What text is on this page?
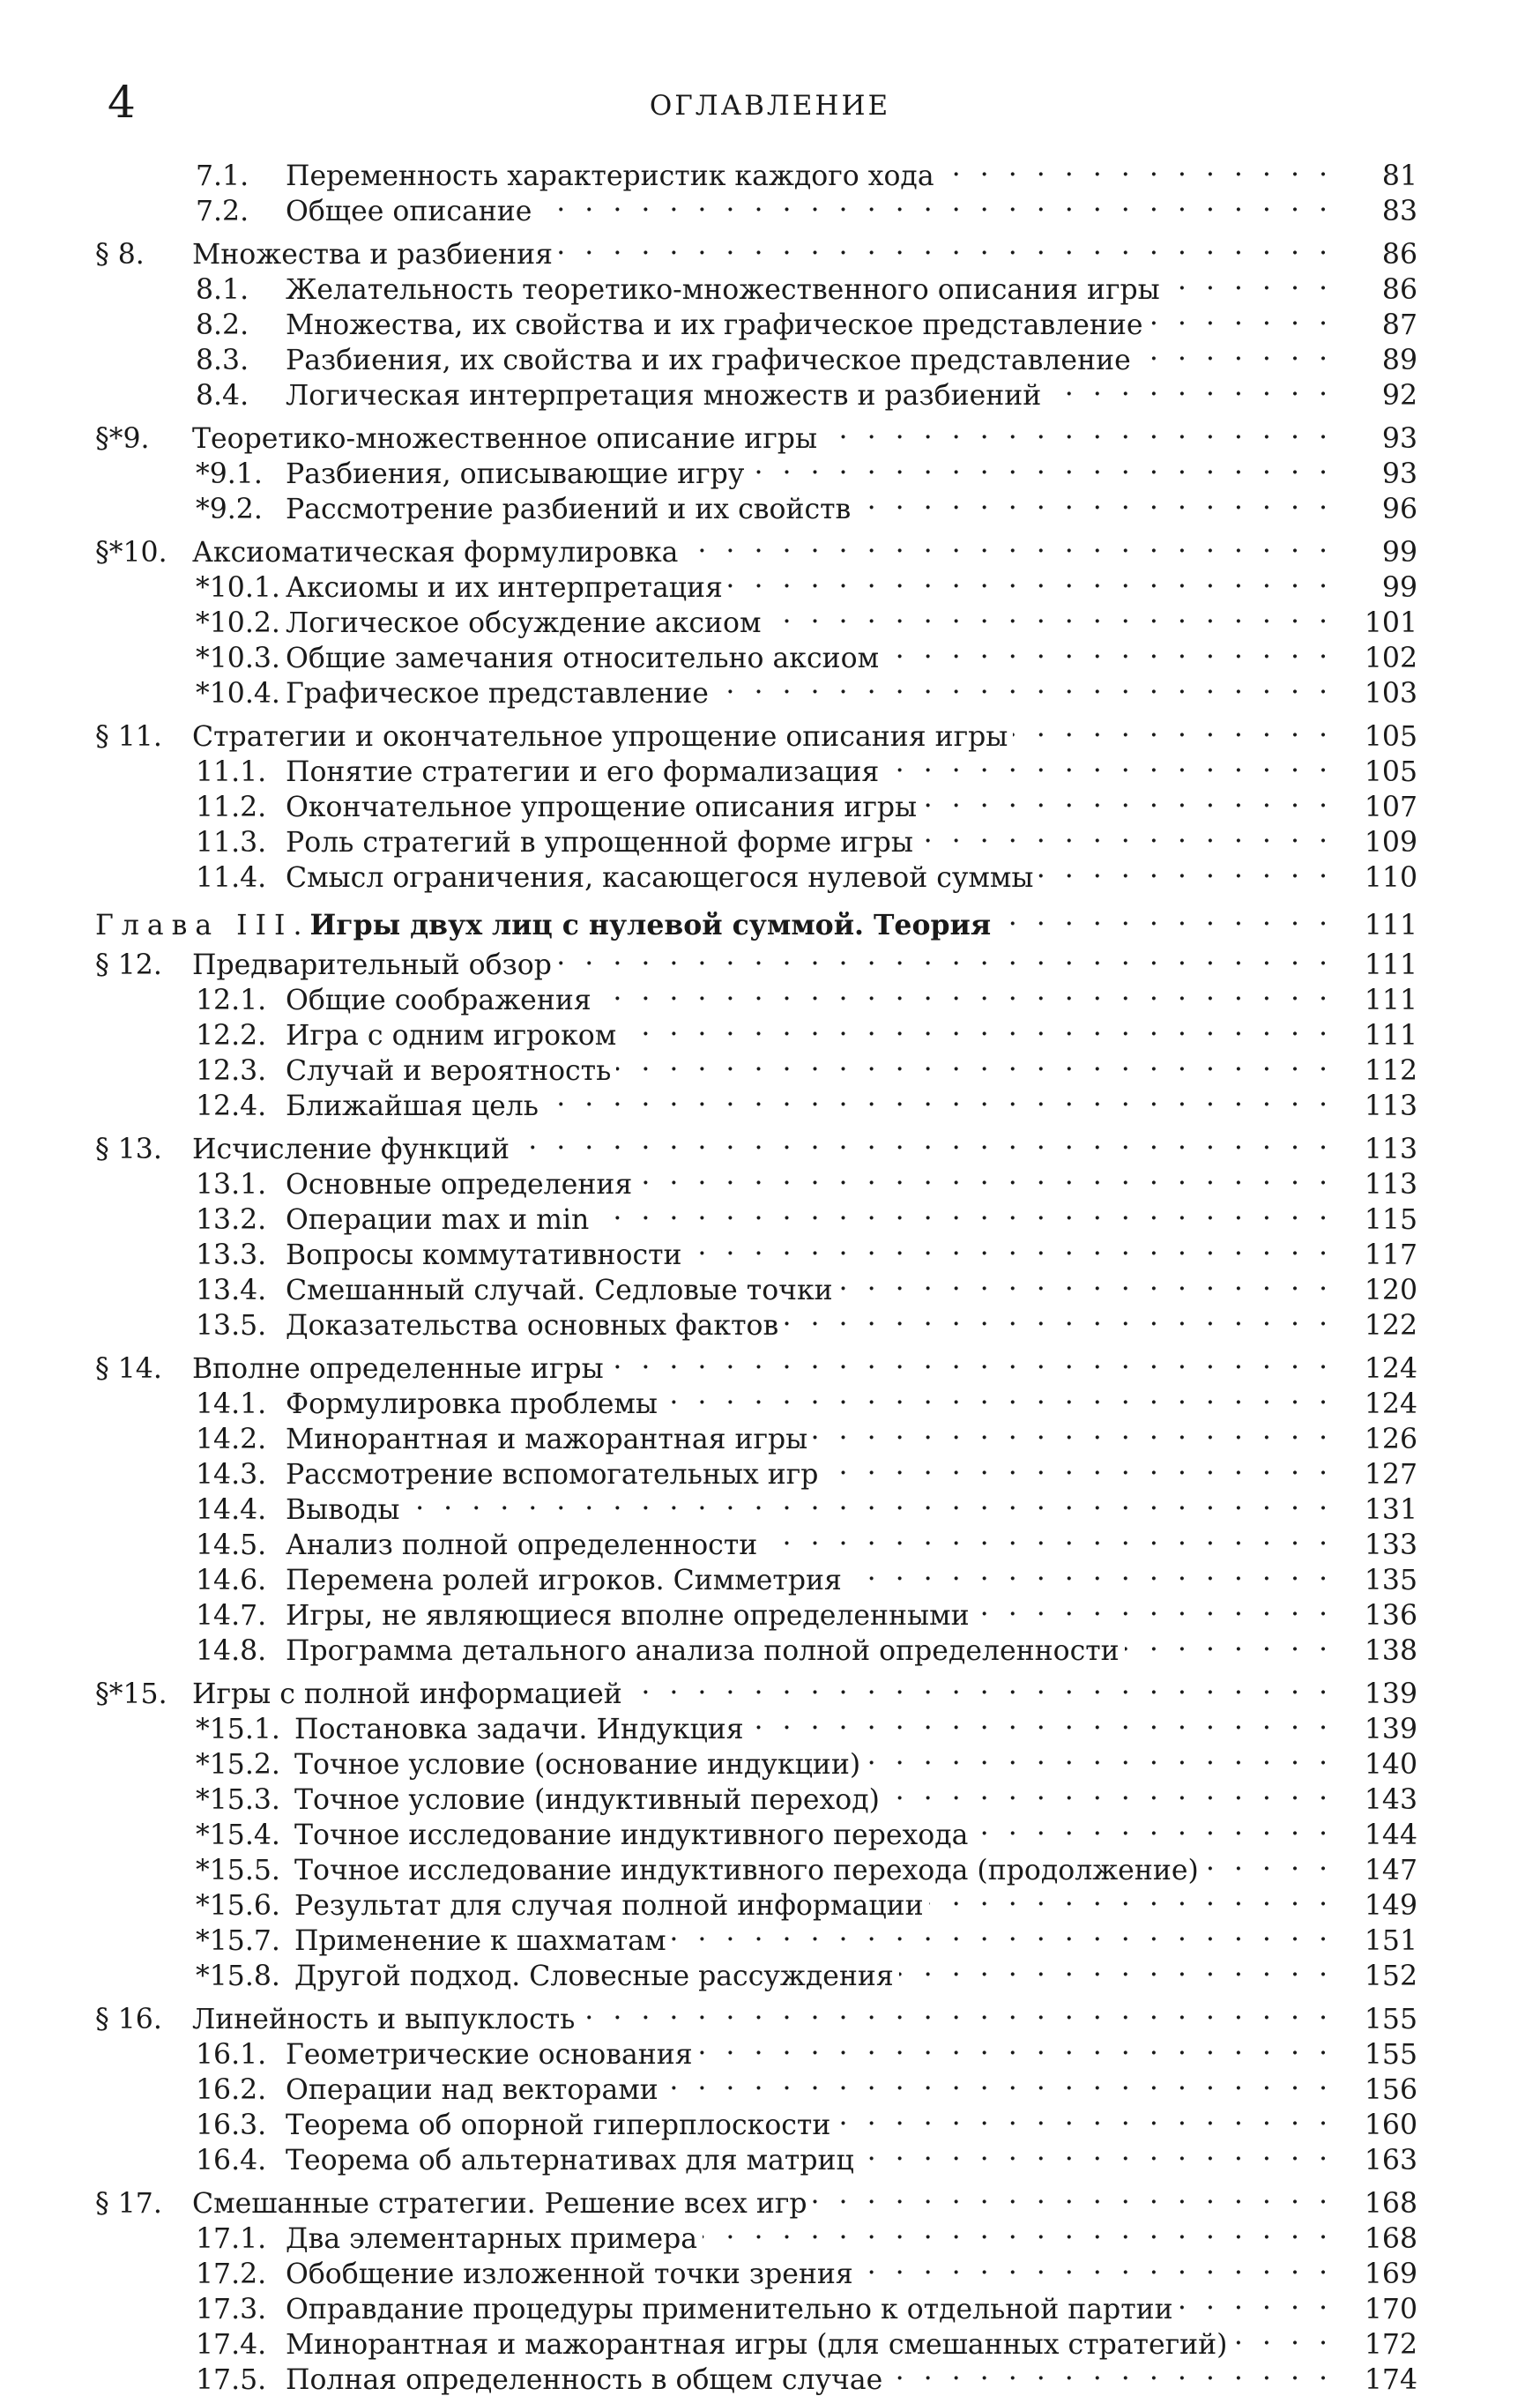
4	ОГЛАВЛЕНИЕ
7.1.	Переменность характеристик каждого хода . . .	81
7.2.	Общее описание . . .	83
§ 8.	Множества и разбиения . . .	86
8.1.	Желательность теоретико-множественного описания игры . . .	86
8.2.	Множества, их свойства и их графическое представление . . .	87
8.3.	Разбиения, их свойства и их графическое представление . . .	89
8.4.	Логическая интерпретация множеств и разбиений . . .	92
§*9.	Теоретико-множественное описание игры . . .	93
*9.1. Разбиения, описывающие игру . . .	93
*9.2. Рассмотрение разбиений и их свойств . . .	96
§*10. Аксиоматическая формулировка . . .	99
*10.1. Аксиомы и их интерпретация . . .	99
*10.2. Логическое обсуждение аксиом . . .	101
*10.3. Общие замечания относительно аксиом . . .	102
*10.4. Графическое представление . . .	103
§ 11.	Стратегии и окончательное упрощение описания игры . . .	105
11.1. Понятие стратегии и его формализация . . .	105
11.2. Окончательное упрощение описания игры . . .	107
11.3. Роль стратегий в упрощенной форме игры . . .	109
11.4. Смысл ограничения, касающегося нулевой суммы . . .	110
Глава III. Игры двух лиц с нулевой суммой. Теория . . .	111
§ 12.	Предварительный обзор . . .	111
12.1. Общие соображения . . .	111
12.2. Игра с одним игроком . . .	111
12.3. Случай и вероятность . . .	112
12.4. Ближайшая цель . . .	113
§ 13.	Исчисление функций . . .	113
13.1. Основные определения . . .	113
13.2. Операции max и min . . .	115
13.3. Вопросы коммутативности . . .	117
13.4. Смешанный случай. Седловые точки . . .	120
13.5. Доказательства основных фактов . . .	122
§ 14.	Вполне определенные игры . . .	124
14.1. Формулировка проблемы . . .	124
14.2. Минорантная и мажорантная игры . . .	126
14.3. Рассмотрение вспомогательных игр . . .	127
14.4. Выводы . . .	131
14.5. Анализ полной определенности . . .	133
14.6. Перемена ролей игроков. Симметрия . . .	135
14.7. Игры, не являющиеся вполне определенными . . .	136
14.8. Программа детального анализа полной определенности . . .	138
§*15. Игры с полной информацией . . .	139
*15.1. Постановка задачи. Индукция . . .	139
*15.2. Точное условие (основание индукции) . . .	140
*15.3. Точное условие (индуктивный переход) . . .	143
*15.4. Точное исследование индуктивного перехода . . .	144
*15.5. Точное исследование индуктивного перехода (продолжение) . . .	147
*15.6. Результат для случая полной информации . . .	149
*15.7. Применение к шахматам . . .	151
*15.8. Другой подход. Словесные рассуждения . . .	152
§ 16.	Линейность и выпуклость . . .	155
16.1. Геометрические основания . . .	155
16.2. Операции над векторами . . .	156
16.3. Теорема об опорной гиперплоскости . . .	160
16.4. Теорема об альтернативах для матриц . . .	163
§ 17.	Смешанные стратегии. Решение всех игр . . .	168
17.1. Два элементарных примера . . .	168
17.2. Обобщение изложенной точки зрения . . .	169
17.3. Оправдание процедуры применительно к отдельной партии . . .	170
17.4. Минорантная и мажорантная игры (для смешанных стратегий) . . .	172
17.5. Полная определенность в общем случае . . .	174
